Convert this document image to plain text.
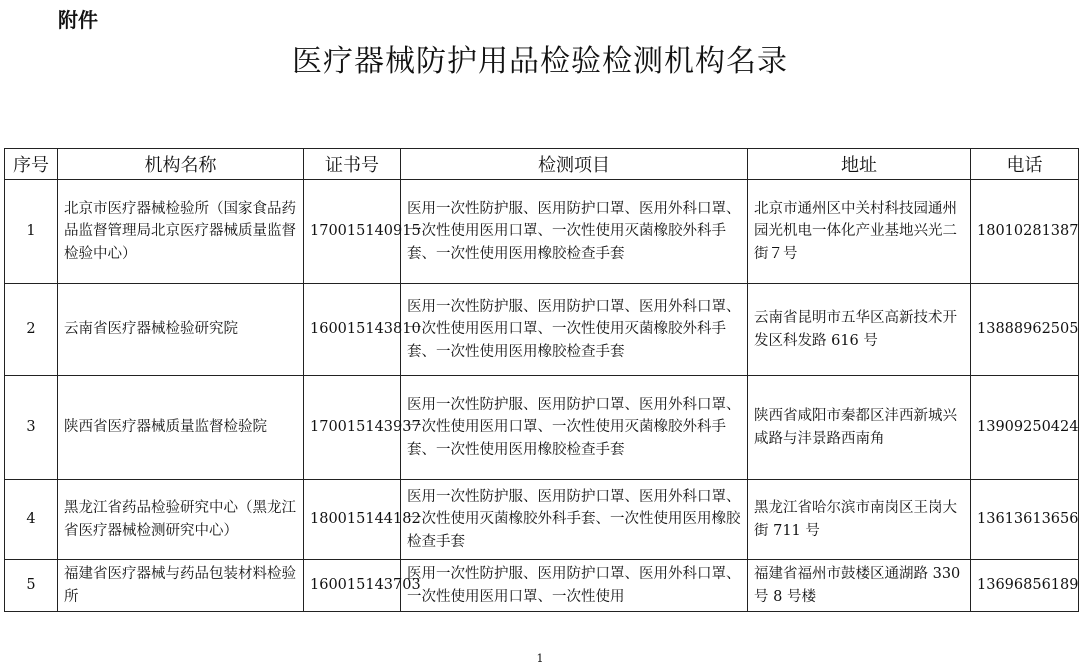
附件
医疗器械防护用品检验检测机构名录
序号	机构名称	证书号	检测项目	地址	电话
1	北京市医疗器械检验所（国家食品药品监督管理局北京医疗器械质量监督检验中心）	170015140915	医用一次性防护服、医用防护口罩、医用外科口罩、一次性使用医用口罩、一次性使用灭菌橡胶外科手套、一次性使用医用橡胶检查手套	北京市通州区中关村科技园通州园光机电一体化产业基地兴光二街７号	18010281387
2	云南省医疗器械检验研究院	160015143810	医用一次性防护服、医用防护口罩、医用外科口罩、一次性使用医用口罩、一次性使用灭菌橡胶外科手套、一次性使用医用橡胶检查手套	云南省昆明市五华区高新技术开发区科发路 616 号	13888962505
3	陕西省医疗器械质量监督检验院	170015143937	医用一次性防护服、医用防护口罩、医用外科口罩、一次性使用医用口罩、一次性使用灭菌橡胶外科手套、一次性使用医用橡胶检查手套	陕西省咸阳市秦都区沣西新城兴咸路与沣景路西南角	13909250424
4	黑龙江省药品检验研究中心（黑龙江省医疗器械检测研究中心）	180015144182	医用一次性防护服、医用防护口罩、医用外科口罩、一次性使用灭菌橡胶外科手套、一次性使用医用橡胶检查手套	黑龙江省哈尔滨市南岗区王岗大街 711 号	13613613656
5	福建省医疗器械与药品包装材料检验所	160015143703	医用一次性防护服、医用防护口罩、医用外科口罩、一次性使用医用口罩、一次性使用	福建省福州市鼓楼区通湖路 330 号 8 号楼	13696856189
1
